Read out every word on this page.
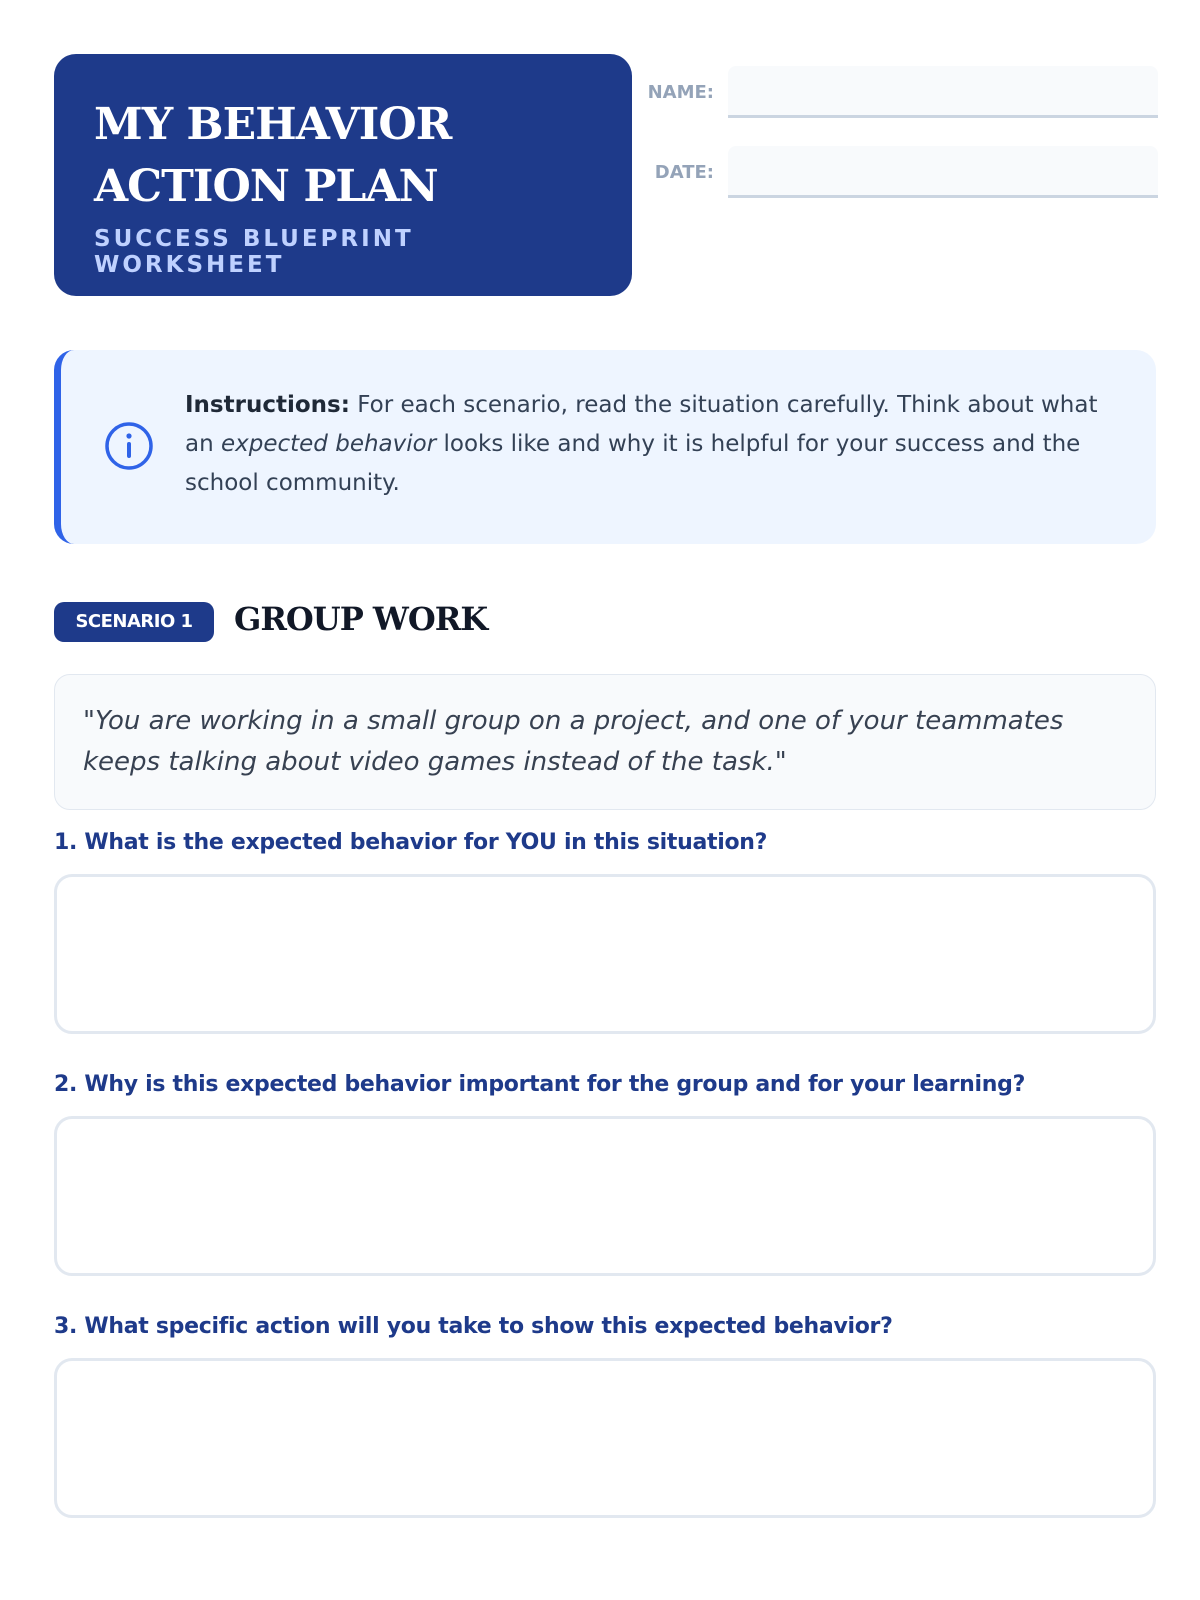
MY BEHAVIOR
ACTION PLAN
SUCCESS BLUEPRINT WORKSHEET
NAME:
DATE:
Instructions: For each scenario, read the situation carefully. Think about what an expected behavior looks like and why it is helpful for your success and the school community.
SCENARIO 1	GROUP WORK
"You are working in a small group on a project, and one of your teammates keeps talking about video games instead of the task."
1. What is the expected behavior for YOU in this situation?
2. Why is this expected behavior important for the group and for your learning?
3. What specific action will you take to show this expected behavior?
